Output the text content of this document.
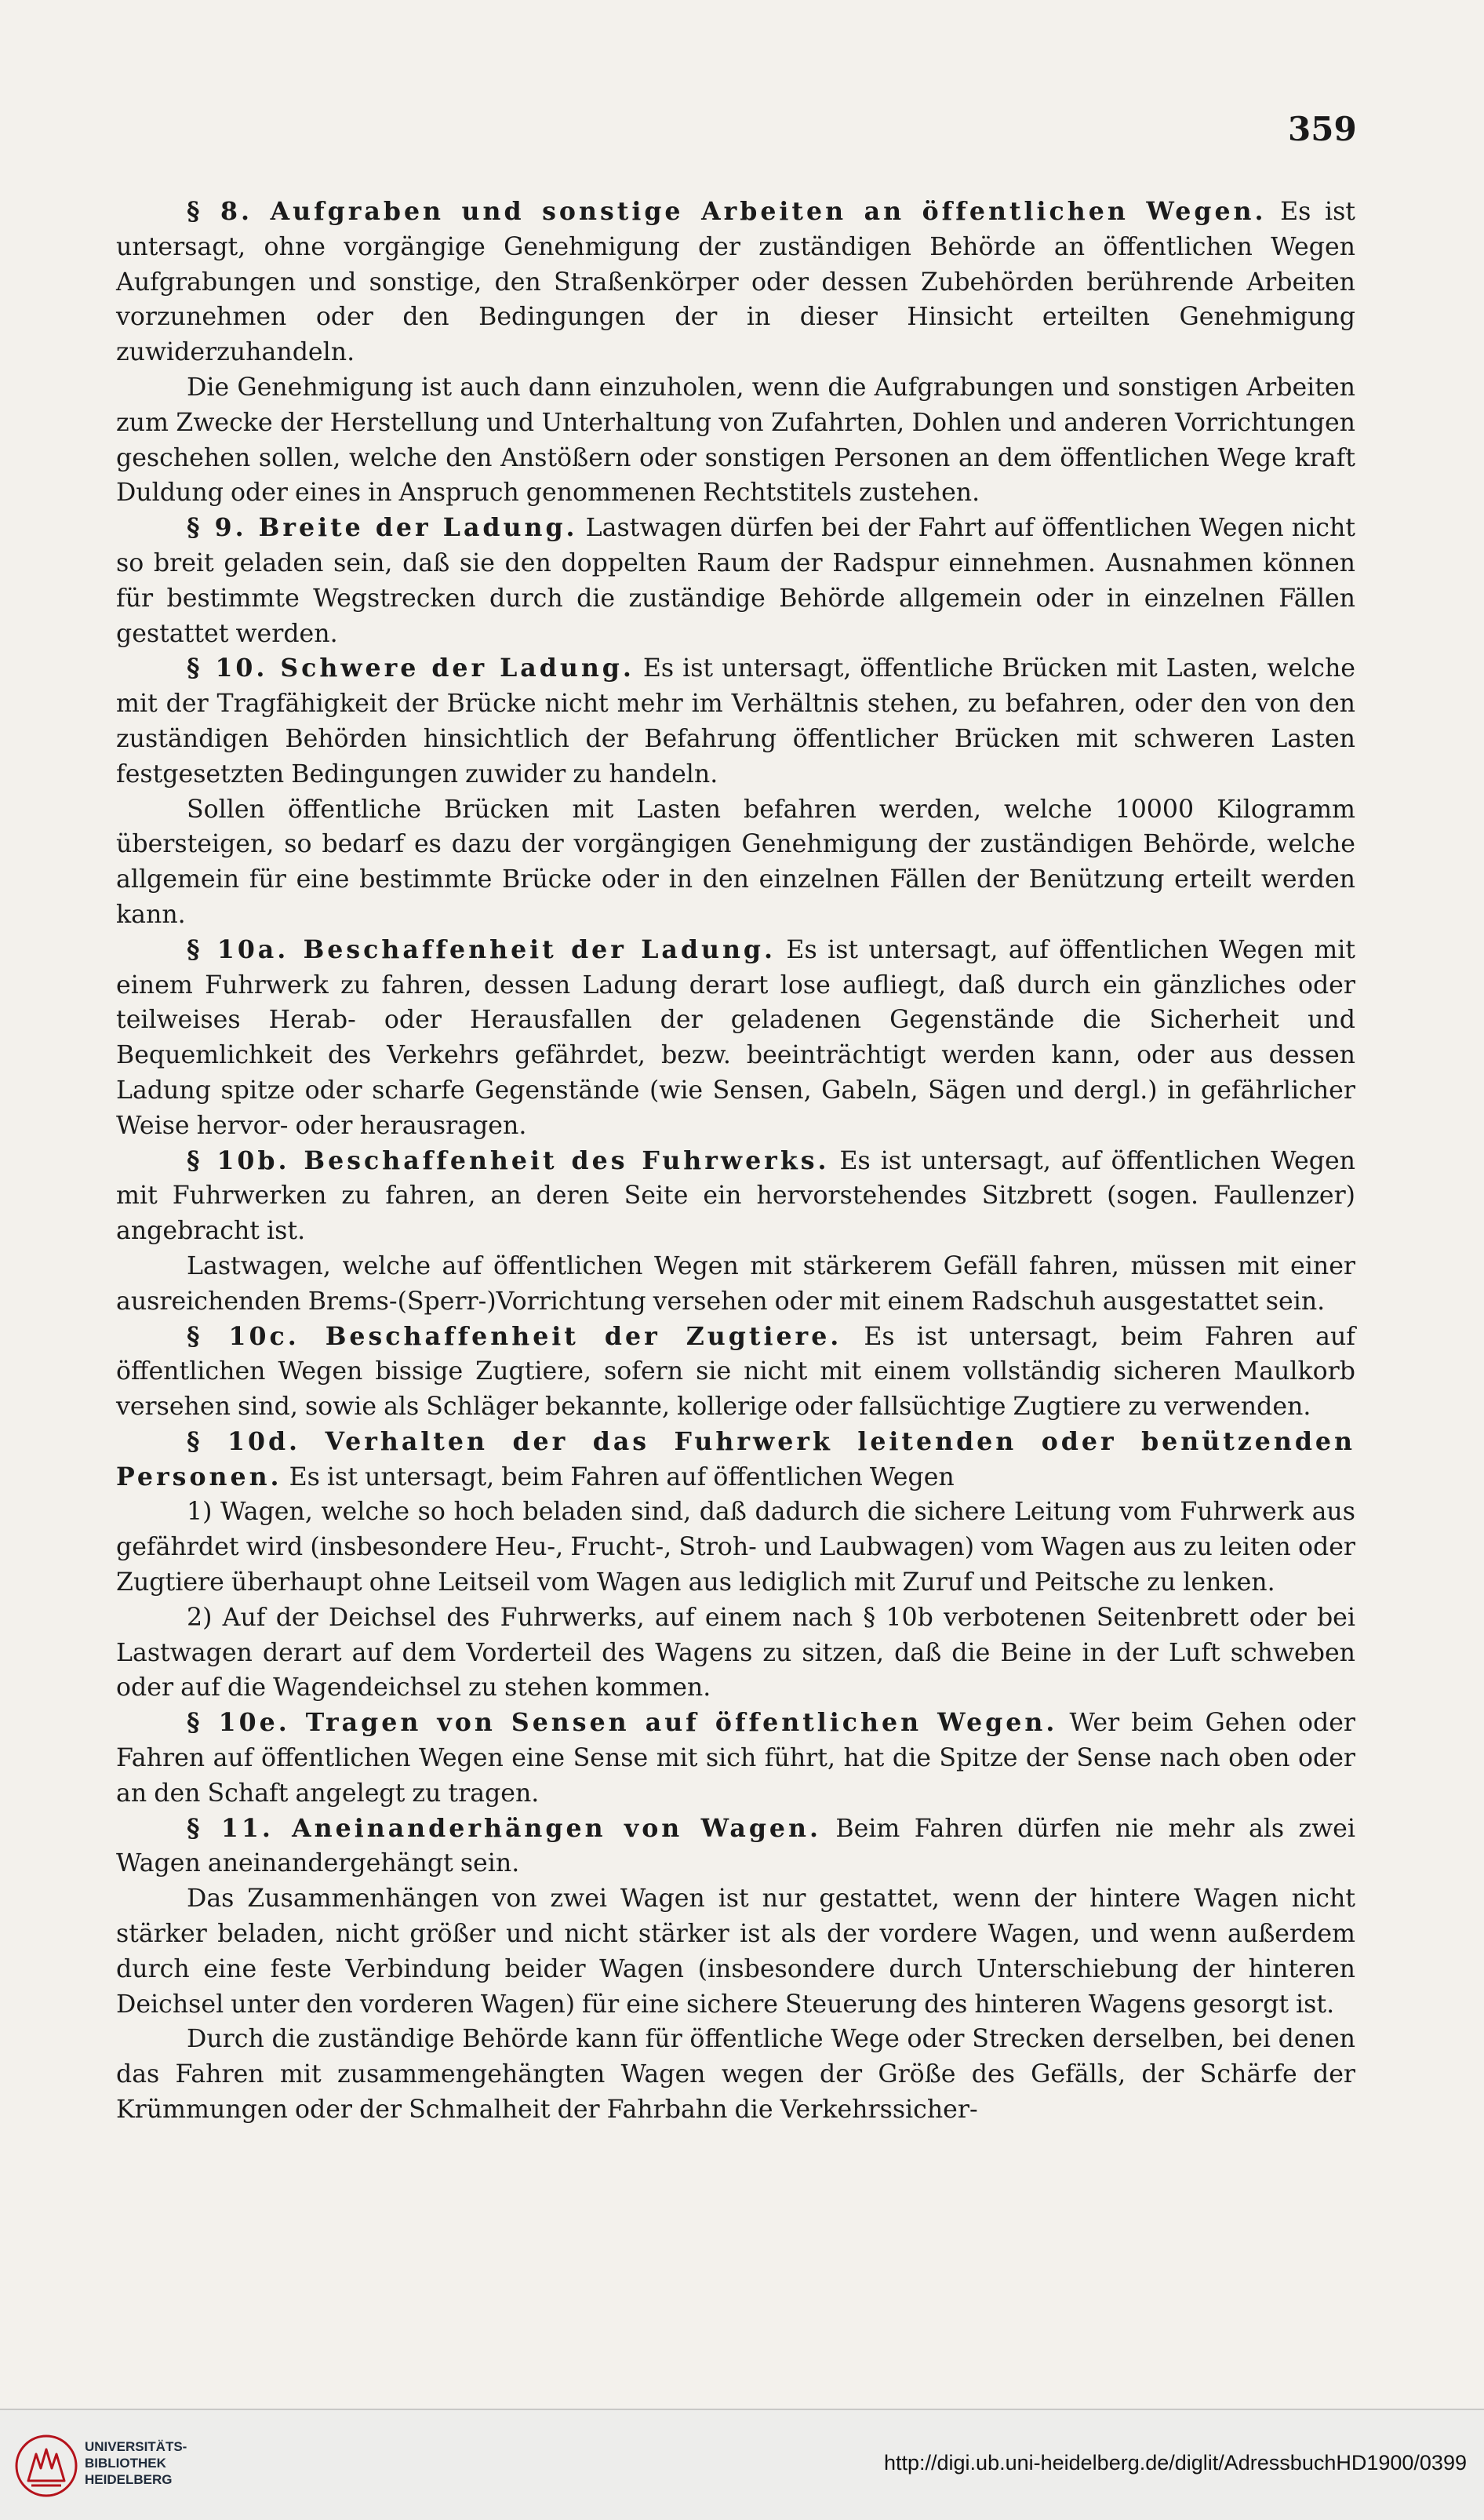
359

§ 8. Aufgraben und sonstige Arbeiten an öffentlichen Wegen. Es ist untersagt, ohne vorgängige Genehmigung der zuständigen Behörde an öffentlichen Wegen Aufgrabungen und sonstige, den Straßenkörper oder dessen Zubehörden berührende Arbeiten vorzunehmen oder den Bedingungen der in dieser Hinsicht erteilten Genehmigung zuwiderzuhandeln.

Die Genehmigung ist auch dann einzuholen, wenn die Aufgrabungen und sonstigen Arbeiten zum Zwecke der Herstellung und Unterhaltung von Zufahrten, Dohlen und anderen Vorrichtungen geschehen sollen, welche den Anstößern oder sonstigen Personen an dem öffentlichen Wege kraft Duldung oder eines in Anspruch genommenen Rechtstitels zustehen.

§ 9. Breite der Ladung. Lastwagen dürfen bei der Fahrt auf öffentlichen Wegen nicht so breit geladen sein, daß sie den doppelten Raum der Radspur einnehmen. Ausnahmen können für bestimmte Wegstrecken durch die zuständige Behörde allgemein oder in einzelnen Fällen gestattet werden.

§ 10. Schwere der Ladung. Es ist untersagt, öffentliche Brücken mit Lasten, welche mit der Tragfähigkeit der Brücke nicht mehr im Verhältnis stehen, zu befahren, oder den von den zuständigen Behörden hinsichtlich der Befahrung öffentlicher Brücken mit schweren Lasten festgesetzten Bedingungen zuwider zu handeln.

Sollen öffentliche Brücken mit Lasten befahren werden, welche 10000 Kilogramm übersteigen, so bedarf es dazu der vorgängigen Genehmigung der zuständigen Behörde, welche allgemein für eine bestimmte Brücke oder in den einzelnen Fällen der Benützung erteilt werden kann.

§ 10a. Beschaffenheit der Ladung. Es ist untersagt, auf öffentlichen Wegen mit einem Fuhrwerk zu fahren, dessen Ladung derart lose aufliegt, daß durch ein gänzliches oder teilweises Herab- oder Herausfallen der geladenen Gegenstände die Sicherheit und Bequemlichkeit des Verkehrs gefährdet, bezw. beeinträchtigt werden kann, oder aus dessen Ladung spitze oder scharfe Gegenstände (wie Sensen, Gabeln, Sägen und dergl.) in gefährlicher Weise hervor- oder herausragen.

§ 10b. Beschaffenheit des Fuhrwerks. Es ist untersagt, auf öffentlichen Wegen mit Fuhrwerken zu fahren, an deren Seite ein hervorstehendes Sitzbrett (sogen. Faullenzer) angebracht ist.

Lastwagen, welche auf öffentlichen Wegen mit stärkerem Gefäll fahren, müssen mit einer ausreichenden Brems-(Sperr-)Vorrichtung versehen oder mit einem Radschuh ausgestattet sein.

§ 10c. Beschaffenheit der Zugtiere. Es ist untersagt, beim Fahren auf öffentlichen Wegen bissige Zugtiere, sofern sie nicht mit einem vollständig sicheren Maulkorb versehen sind, sowie als Schläger bekannte, kollerige oder fallsüchtige Zugtiere zu verwenden.

§ 10d. Verhalten der das Fuhrwerk leitenden oder benützenden Personen. Es ist untersagt, beim Fahren auf öffentlichen Wegen

1) Wagen, welche so hoch beladen sind, daß dadurch die sichere Leitung vom Fuhrwerk aus gefährdet wird (insbesondere Heu-, Frucht-, Stroh- und Laubwagen) vom Wagen aus zu leiten oder Zugtiere überhaupt ohne Leitseil vom Wagen aus lediglich mit Zuruf und Peitsche zu lenken.

2) Auf der Deichsel des Fuhrwerks, auf einem nach § 10b verbotenen Seitenbrett oder bei Lastwagen derart auf dem Vorderteil des Wagens zu sitzen, daß die Beine in der Luft schweben oder auf die Wagendeichsel zu stehen kommen.

§ 10e. Tragen von Sensen auf öffentlichen Wegen. Wer beim Gehen oder Fahren auf öffentlichen Wegen eine Sense mit sich führt, hat die Spitze der Sense nach oben oder an den Schaft angelegt zu tragen.

§ 11. Aneinanderhängen von Wagen. Beim Fahren dürfen nie mehr als zwei Wagen aneinandergehängt sein.

Das Zusammenhängen von zwei Wagen ist nur gestattet, wenn der hintere Wagen nicht stärker beladen, nicht größer und nicht stärker ist als der vordere Wagen, und wenn außerdem durch eine feste Verbindung beider Wagen (insbesondere durch Unterschiebung der hinteren Deichsel unter den vorderen Wagen) für eine sichere Steuerung des hinteren Wagens gesorgt ist.

Durch die zuständige Behörde kann für öffentliche Wege oder Strecken derselben, bei denen das Fahren mit zusammengehängten Wagen wegen der Größe des Gefälls, der Schärfe der Krümmungen oder der Schmalheit der Fahrbahn die Verkehrssicher-

UNIVERSITÄTS-
BIBLIOTHEK
HEIDELBERG
http://digi.ub.uni-heidelberg.de/diglit/AdressbuchHD1900/0399
